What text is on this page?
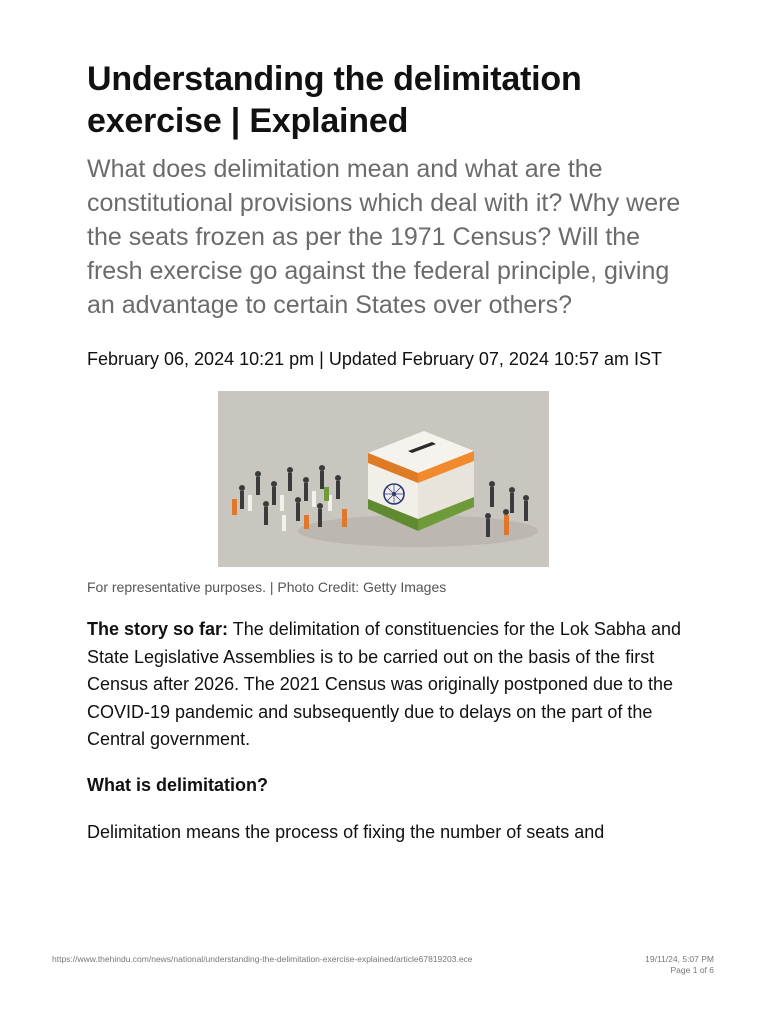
Understanding the delimitation exercise | Explained

What does delimitation mean and what are the constitutional provisions which deal with it? Why were the seats frozen as per the 1971 Census? Will the fresh exercise go against the federal principle, giving an advantage to certain States over others?

February 06, 2024 10:21 pm | Updated February 07, 2024 10:57 am IST
For representative purposes. | Photo Credit: Getty Images

The story so far: The delimitation of constituencies for the Lok Sabha and State Legislative Assemblies is to be carried out on the basis of the first Census after 2026. The 2021 Census was originally postponed due to the COVID-19 pandemic and subsequently due to delays on the part of the Central government.

What is delimitation?
Delimitation means the process of fixing the number of seats and
https://www.thehindu.com/news/national/understanding-the-delimitation-exercise-explained/article67819203.ece	19/11/24, 5:07 PM
Page 1 of 6
